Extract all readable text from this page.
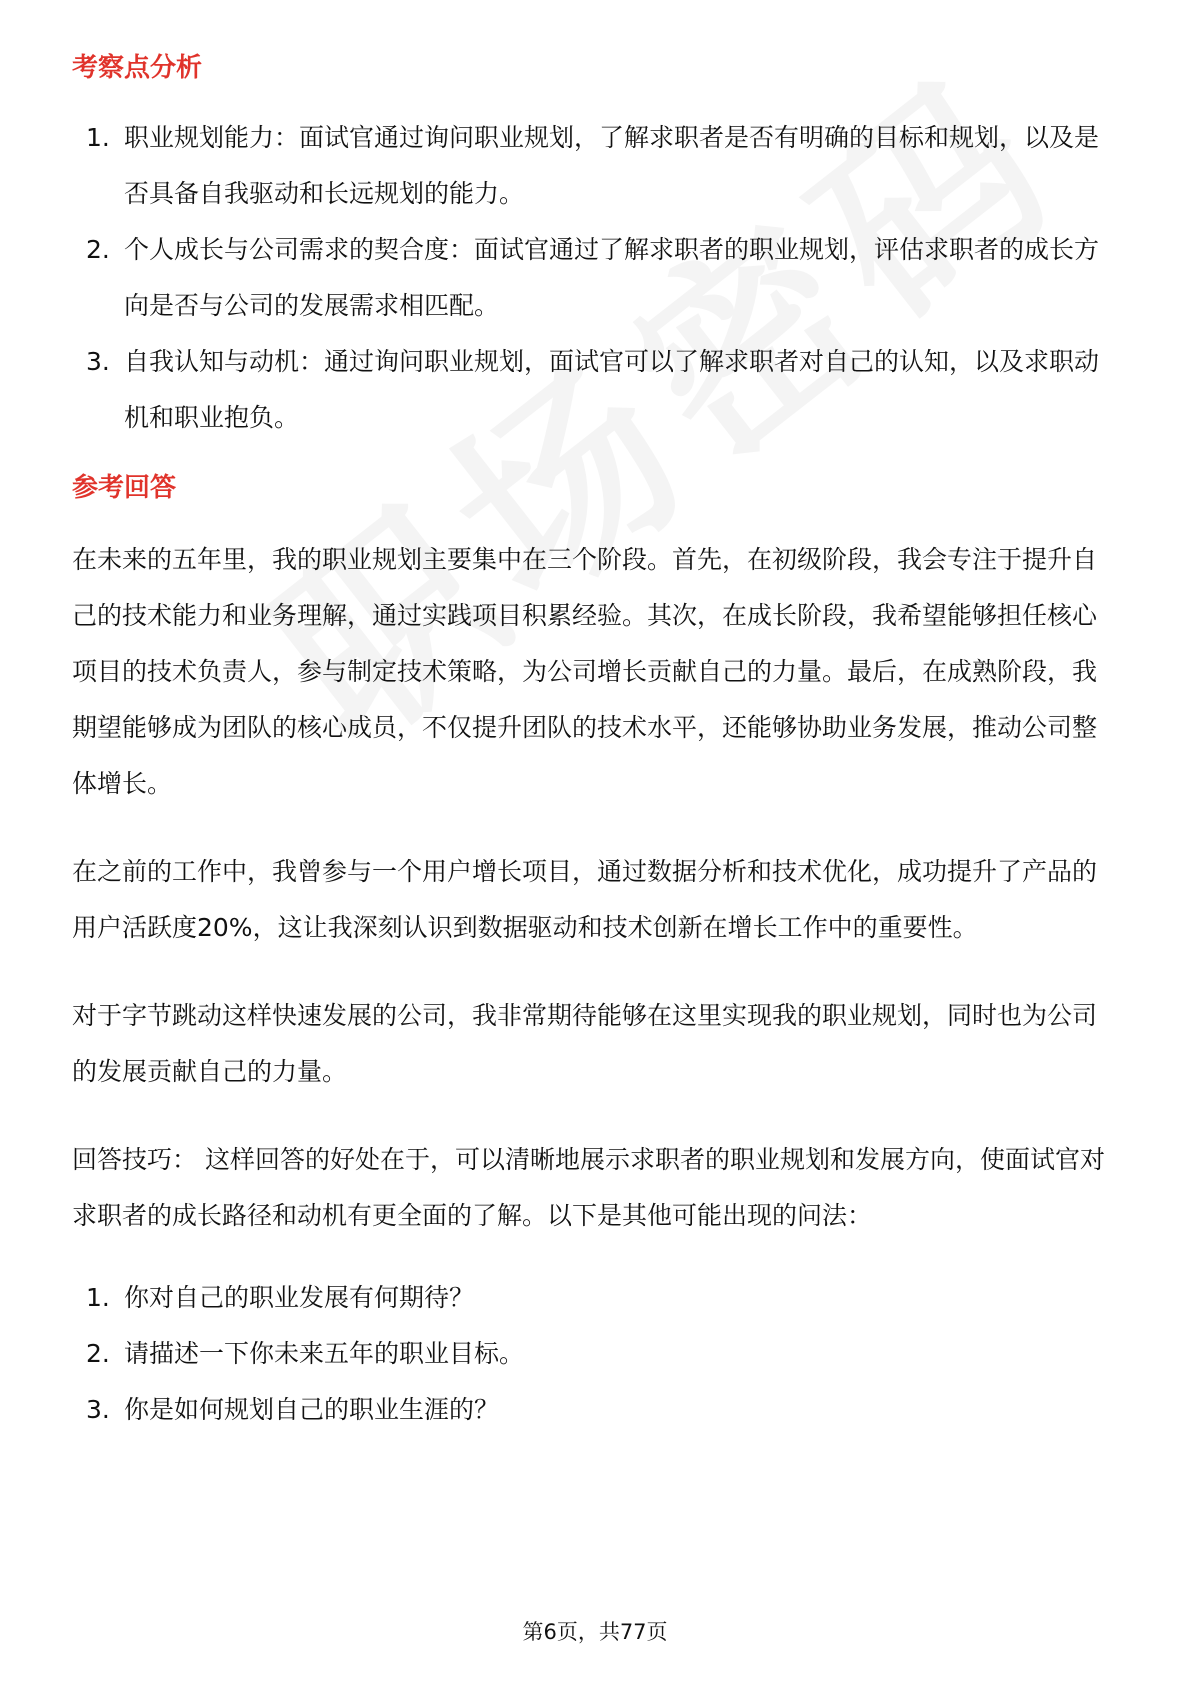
考察点分析
1. 职业规划能力：面试官通过询问职业规划，了解求职者是否有明确的目标和规划，以及是否具备自我驱动和长远规划的能力。
2. 个人成长与公司需求的契合度：面试官通过了解求职者的职业规划，评估求职者的成长方向是否与公司的发展需求相匹配。
3. 自我认知与动机：通过询问职业规划，面试官可以了解求职者对自己的认知，以及求职动机和职业抱负。
参考回答

在未来的五年里，我的职业规划主要集中在三个阶段。首先，在初级阶段，我会专注于提升自己的技术能力和业务理解，通过实践项目积累经验。其次，在成长阶段，我希望能够担任核心项目的技术负责人，参与制定技术策略，为公司增长贡献自己的力量。最后，在成熟阶段，我期望能够成为团队的核心成员，不仅提升团队的技术水平，还能够协助业务发展，推动公司整体增长。

在之前的工作中，我曾参与一个用户增长项目，通过数据分析和技术优化，成功提升了产品的用户活跃度20%，这让我深刻认识到数据驱动和技术创新在增长工作中的重要性。

对于字节跳动这样快速发展的公司，我非常期待能够在这里实现我的职业规划，同时也为公司的发展贡献自己的力量。

回答技巧： 这样回答的好处在于，可以清晰地展示求职者的职业规划和发展方向，使面试官对求职者的成长路径和动机有更全面的了解。以下是其他可能出现的问法：

1. 你对自己的职业发展有何期待？
2. 请描述一下你未来五年的职业目标。
3. 你是如何规划自己的职业生涯的？
第6页，共77页
